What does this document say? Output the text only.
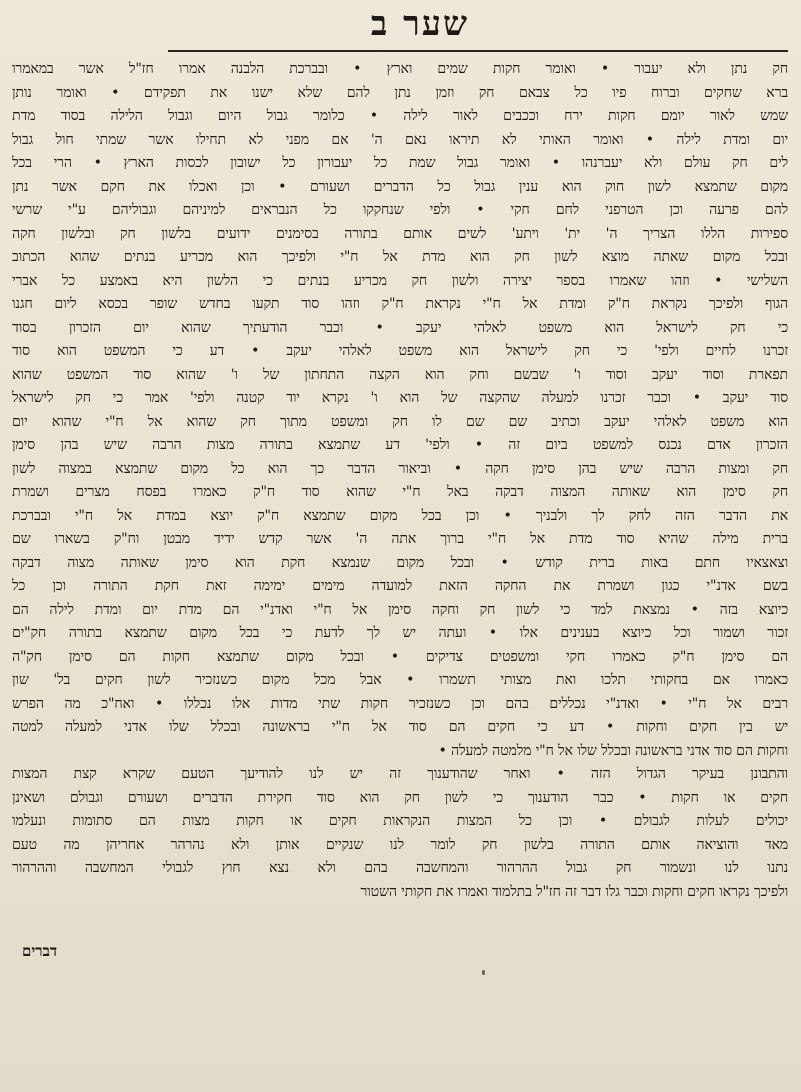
שער ב
חק נתן ולא יעבור • ואומר חקות שמים וארץ • ובברכת הלבנה אמרו חז"ל אשר במאמרו
ברא שחקים וברוח פיו כל צבאם חק וזמן נתן להם שלא ישנו את תפקידם • ואומר נותן
שמש לאור יומם חקות ירח וככבים לאור לילה • כלומר גבול היום וגבול הלילה בסוד מדת
יום ומדת לילה • ואומר האותי לא תיראו נאם ה' אם מפני לא תחילו אשר שמתי חול גבול
לים חק עולם ולא יעברנהו • ואומר גבול שמת כל יעבורון כל ישובון לכסות הארץ • הרי בכל
מקום שתמצא לשון חוק הוא ענין גבול כל הדברים ושעורם • וכן ואכלו את חקם אשר נתן
להם פרעה וכן הטרפני לחם חקי • ולפי שנחקקו כל הנבראים למיניהם וגבוליהם ע"י שרשי
ספירות הללו הצריך ה' ית' ויתע' לשים אותם בתורה בסימנים ידועים בלשון חק ובלשון חקה
ובכל מקום שאתה מוצא לשון חק הוא מדת אל ח"י ולפיכך הוא מכריע בנתים שהוא הכתוב
השלישי • וזהו שאמרו בספר יצירה ולשון חק מכריע בנתים כי הלשון היא באמצע כל אברי
הגוף ולפיכך נקראת ח"ק ומדת אל ח"י נקראת ח"ק וזהו סוד תקעו בחדש שופר בכסא ליום חגנו
כי חק לישראל הוא משפט לאלהי יעקב • וכבר הודעתיך שהוא יום הזכרון בסוד
זכרנו לחיים ולפי' כי חק לישראל הוא משפט לאלהי יעקב • דע כי המשפט הוא סוד
תפארת וסוד יעקב וסוד ו' שבשם וחק הוא הקצה התחתון של ו' שהוא סוד המשפט שהוא
סוד יעקב • וכבר זכרנו למעלה שהקצה של הוא ו' נקרא יוד קטנה ולפי' אמר כי חק לישראל
הוא משפט לאלהי יעקב וכתיב שם שם לו חק ומשפט מתוך חק שהוא אל ח"י שהוא יום
הזכרון אדם נכנס למשפט ביום זה • ולפי' דע שתמצא בתורה מצות הרבה שיש בהן סימן
חק ומצות הרבה שיש בהן סימן חקה • וביאור הדבר כך הוא כל מקום שתמצא במצוה לשון
חק סימן הוא שאותה המצוה דבקה באל ח"י שהוא סוד ח"ק כאמרו בפסח מצרים ושמרת
את הדבר הזה לחק לך ולבניך • וכן בכל מקום שתמצא ח"ק יוצא במדת אל ח"י ובברכת
ברית מילה שהיא סוד מדת אל ח"י ברוך אתה ה' אשר קדש ידיד מבטן וח"ק בשארו שם
וצאצאיו חתם באות ברית קודש • ובכל מקום שנמצא חקת הוא סימן שאותה מצוה דבקה
בשם אדנ"י כגון ושמרת את החקה הזאת למועדה מימים ימימה זאת חקת התורה וכן כל
כיוצא בזה • נמצאת למד כי לשון חק וחקה סימן אל ח"י ואדנ"י הם מדת יום ומדת לילה הם
זכור ושמור וכל כיוצא בענינים אלו • ועתה יש לך לדעת כי בכל מקום שתמצא בתורה חק"ים
הם סימן ח"ק כאמרו חקי ומשפטים צדיקים • ובכל מקום שתמצא חקות הם סימן חק"ה
כאמרו אם בחקותי תלכו ואת מצותי תשמרו • אבל מכל מקום כשנזכיר לשון חקים בל' שון
רבים אל ח"י • ואדנ"י נכללים בהם וכן כשנזכיר חקות שתי מדות אלו נכללו • ואח"כ מה הפרש
יש בין חקים וחקות • דע כי חקים הם סוד אל ח"י בראשונה ובכלל שלו אדני למעלה למטה
וחקות הם סוד אדני בראשונה ובכלל שלו אל ח"י מלמטה למעלה •
והתבונן בעיקר הגדול הזה • ואחר שהודענוך זה יש לנו להודיעך הטעם שקרא קצת המצות
חקים או חקות • כבר הודענוך כי לשון חק הוא סוד חקירת הדברים ושעורם וגבולם ושאינן
יכולים לעלות לגבולם • וכן כל המצות הנקראות חקים או חקות מצות הם סתומות ונעלמו
מאד והוציאה אותם התורה בלשון חק לומר לנו שנקיים אותן ולא נהרהר אחריהן מה טעם
נתנו לנו ונשמור חק גבול ההרהור והמחשבה בהם ולא נצא חוץ לגבולי המחשבה וההרהור
ולפיכך נקראו חקים וחקות וכבר גלו דבר זה חז"ל בתלמוד ואמרו את חקותי השטור
דברים
